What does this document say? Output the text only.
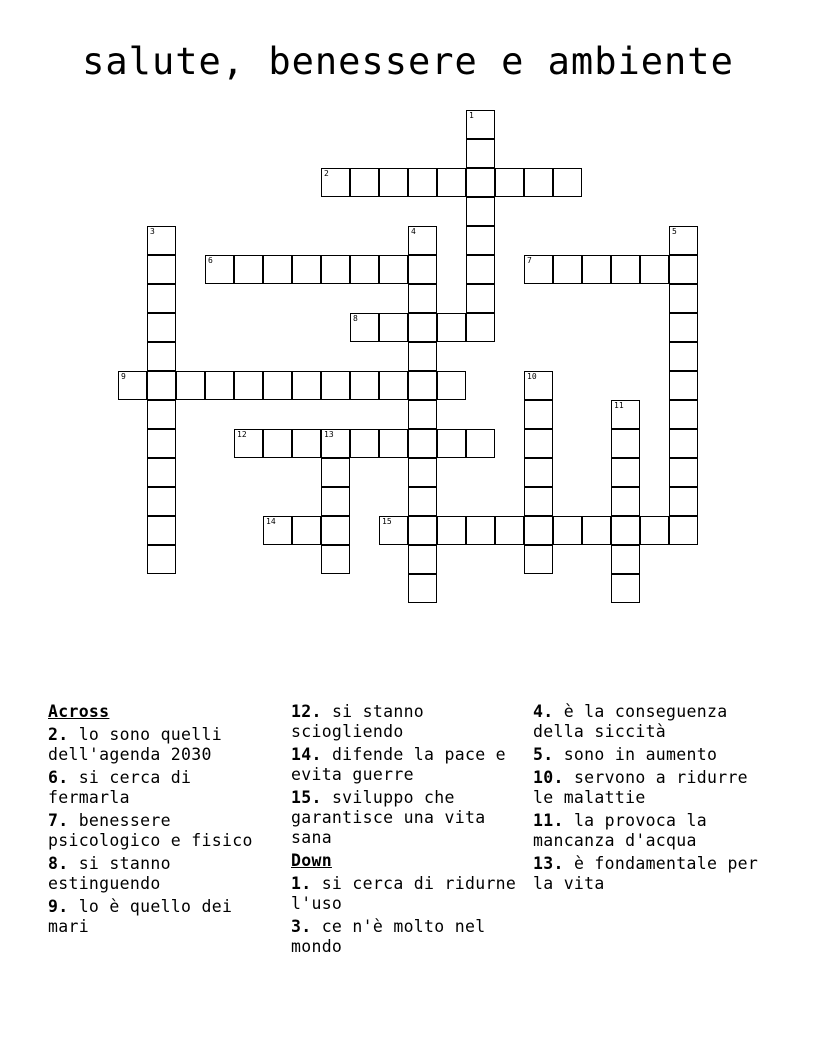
salute, benessere e ambiente
1
2
3	4	5
6	7
8
9	10
11
12	13
14	15
Across
2. lo sono quelli dell'agenda 2030
6. si cerca di fermarla
7. benessere psicologico e fisico
8. si stanno estinguendo
9. lo è quello dei mari
12. si stanno sciogliendo
14. difende la pace e evita guerre
15. sviluppo che garantisce una vita sana
Down
1. si cerca di ridurne l'uso
3. ce n'è molto nel mondo
4. è la conseguenza della siccità
5. sono in aumento
10. servono a ridurre le malattie
11. la provoca la mancanza d'acqua
13. è fondamentale per la vita
